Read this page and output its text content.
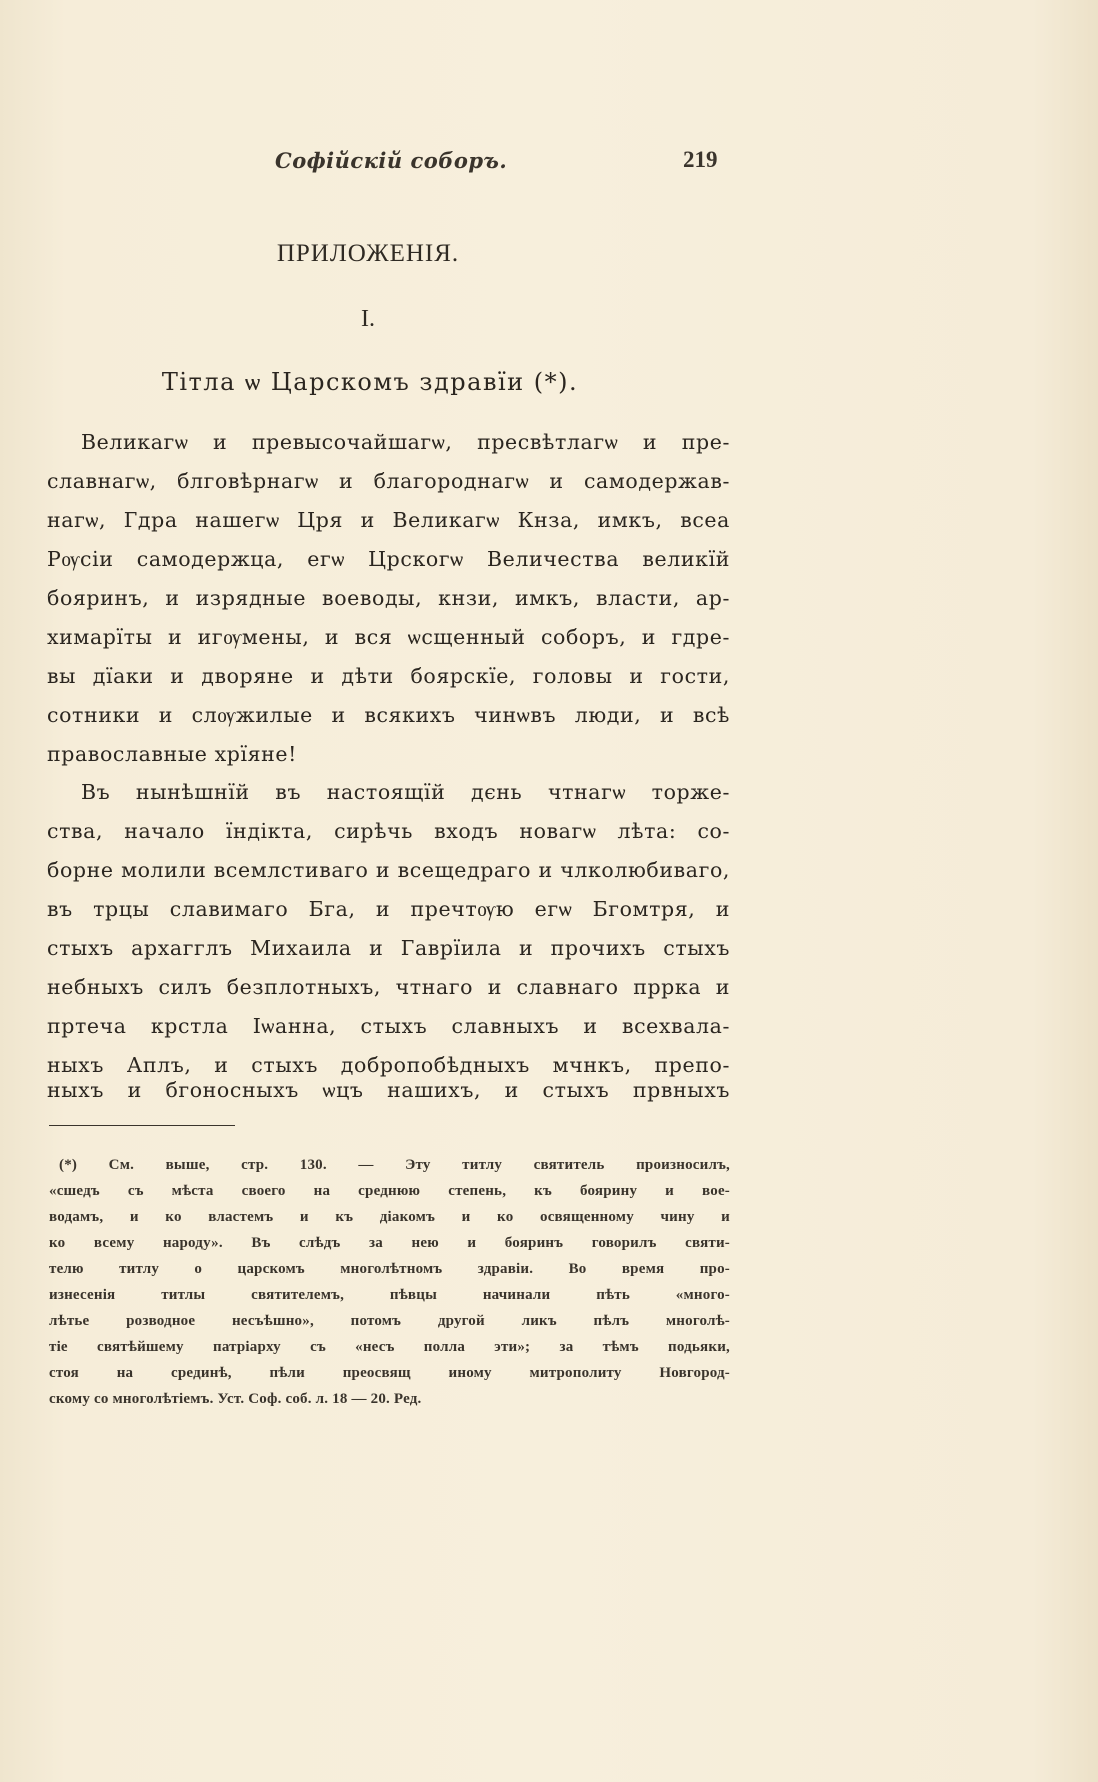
Софійскій соборъ.	219
ПРИЛОЖЕНІЯ.
I.
Тітла ѡ Царскомъ здравїи (*).
Великагѡ и превысочайшагѡ, пресвѣтлагѡ и пре-
славнагѡ, блговѣрнагѡ и благороднагѡ и самодержав-
нагѡ, Гдра нашегѡ Цря и Великагѡ Кнза, имкъ, всеа
Рѹсіи самодержца, егѡ Црскогѡ Величества великїй
бояринъ, и изрядные воеводы, кнзи, имкъ, власти, ар-
химарїты и игѹмены, и вся ѡсщенный соборъ, и гдре-
вы дїаки и дворяне и дѣти боярскїе, головы и гости,
сотники и слѹжилые и всякихъ чинѡвъ люди, и всѣ
православные хрїяне!
Въ нынѣшнїй въ настоящїй дєнь чтнагѡ торже-
ства, начало їндікта, сирѣчь входъ новагѡ лѣта: со-
борне молили всемлстиваго и всещедраго и члколюбиваго,
въ трцы славимаго Бга, и пречтѹю егѡ Бгомтря, и
стыхъ архагглъ Михаила и Гаврїила и прочихъ стыхъ
небныхъ силъ безплотныхъ, чтнаго и славнаго пррка и
пртеча крстла Іѡанна, стыхъ славныхъ и всехвала-
ныхъ Аплъ, и стыхъ добропобѣдныхъ мчнкъ, препо-
ныхъ и бгоносныхъ ѡцъ нашихъ, и стыхъ првныхъ
(*) См. выше, стр. 130. — Эту титлу святитель произносилъ,
«сшедъ съ мѣста своего на среднюю степень, къ боярину и вое-
водамъ, и ко властемъ и къ діакомъ и ко освященному чину и
ко всему народу». Въ слѣдъ за нею и бояринъ говорилъ святи-
телю титлу о царскомъ многолѣтномъ здравіи. Во время про-
изнесенія титлы святителемъ, пѣвцы начинали пѣть «много-
лѣтье розводное несъѣшно», потомъ другой ликъ пѣлъ многолѣ-
тіе святѣйшему патріарху съ «несъ полла эти»; за тѣмъ подьяки,
стоя на срединѣ, пѣли преосвящ иному митрополиту Новгород-
скому со многолѣтіемъ. Уст. Соф. соб. л. 18 — 20. Ред.
